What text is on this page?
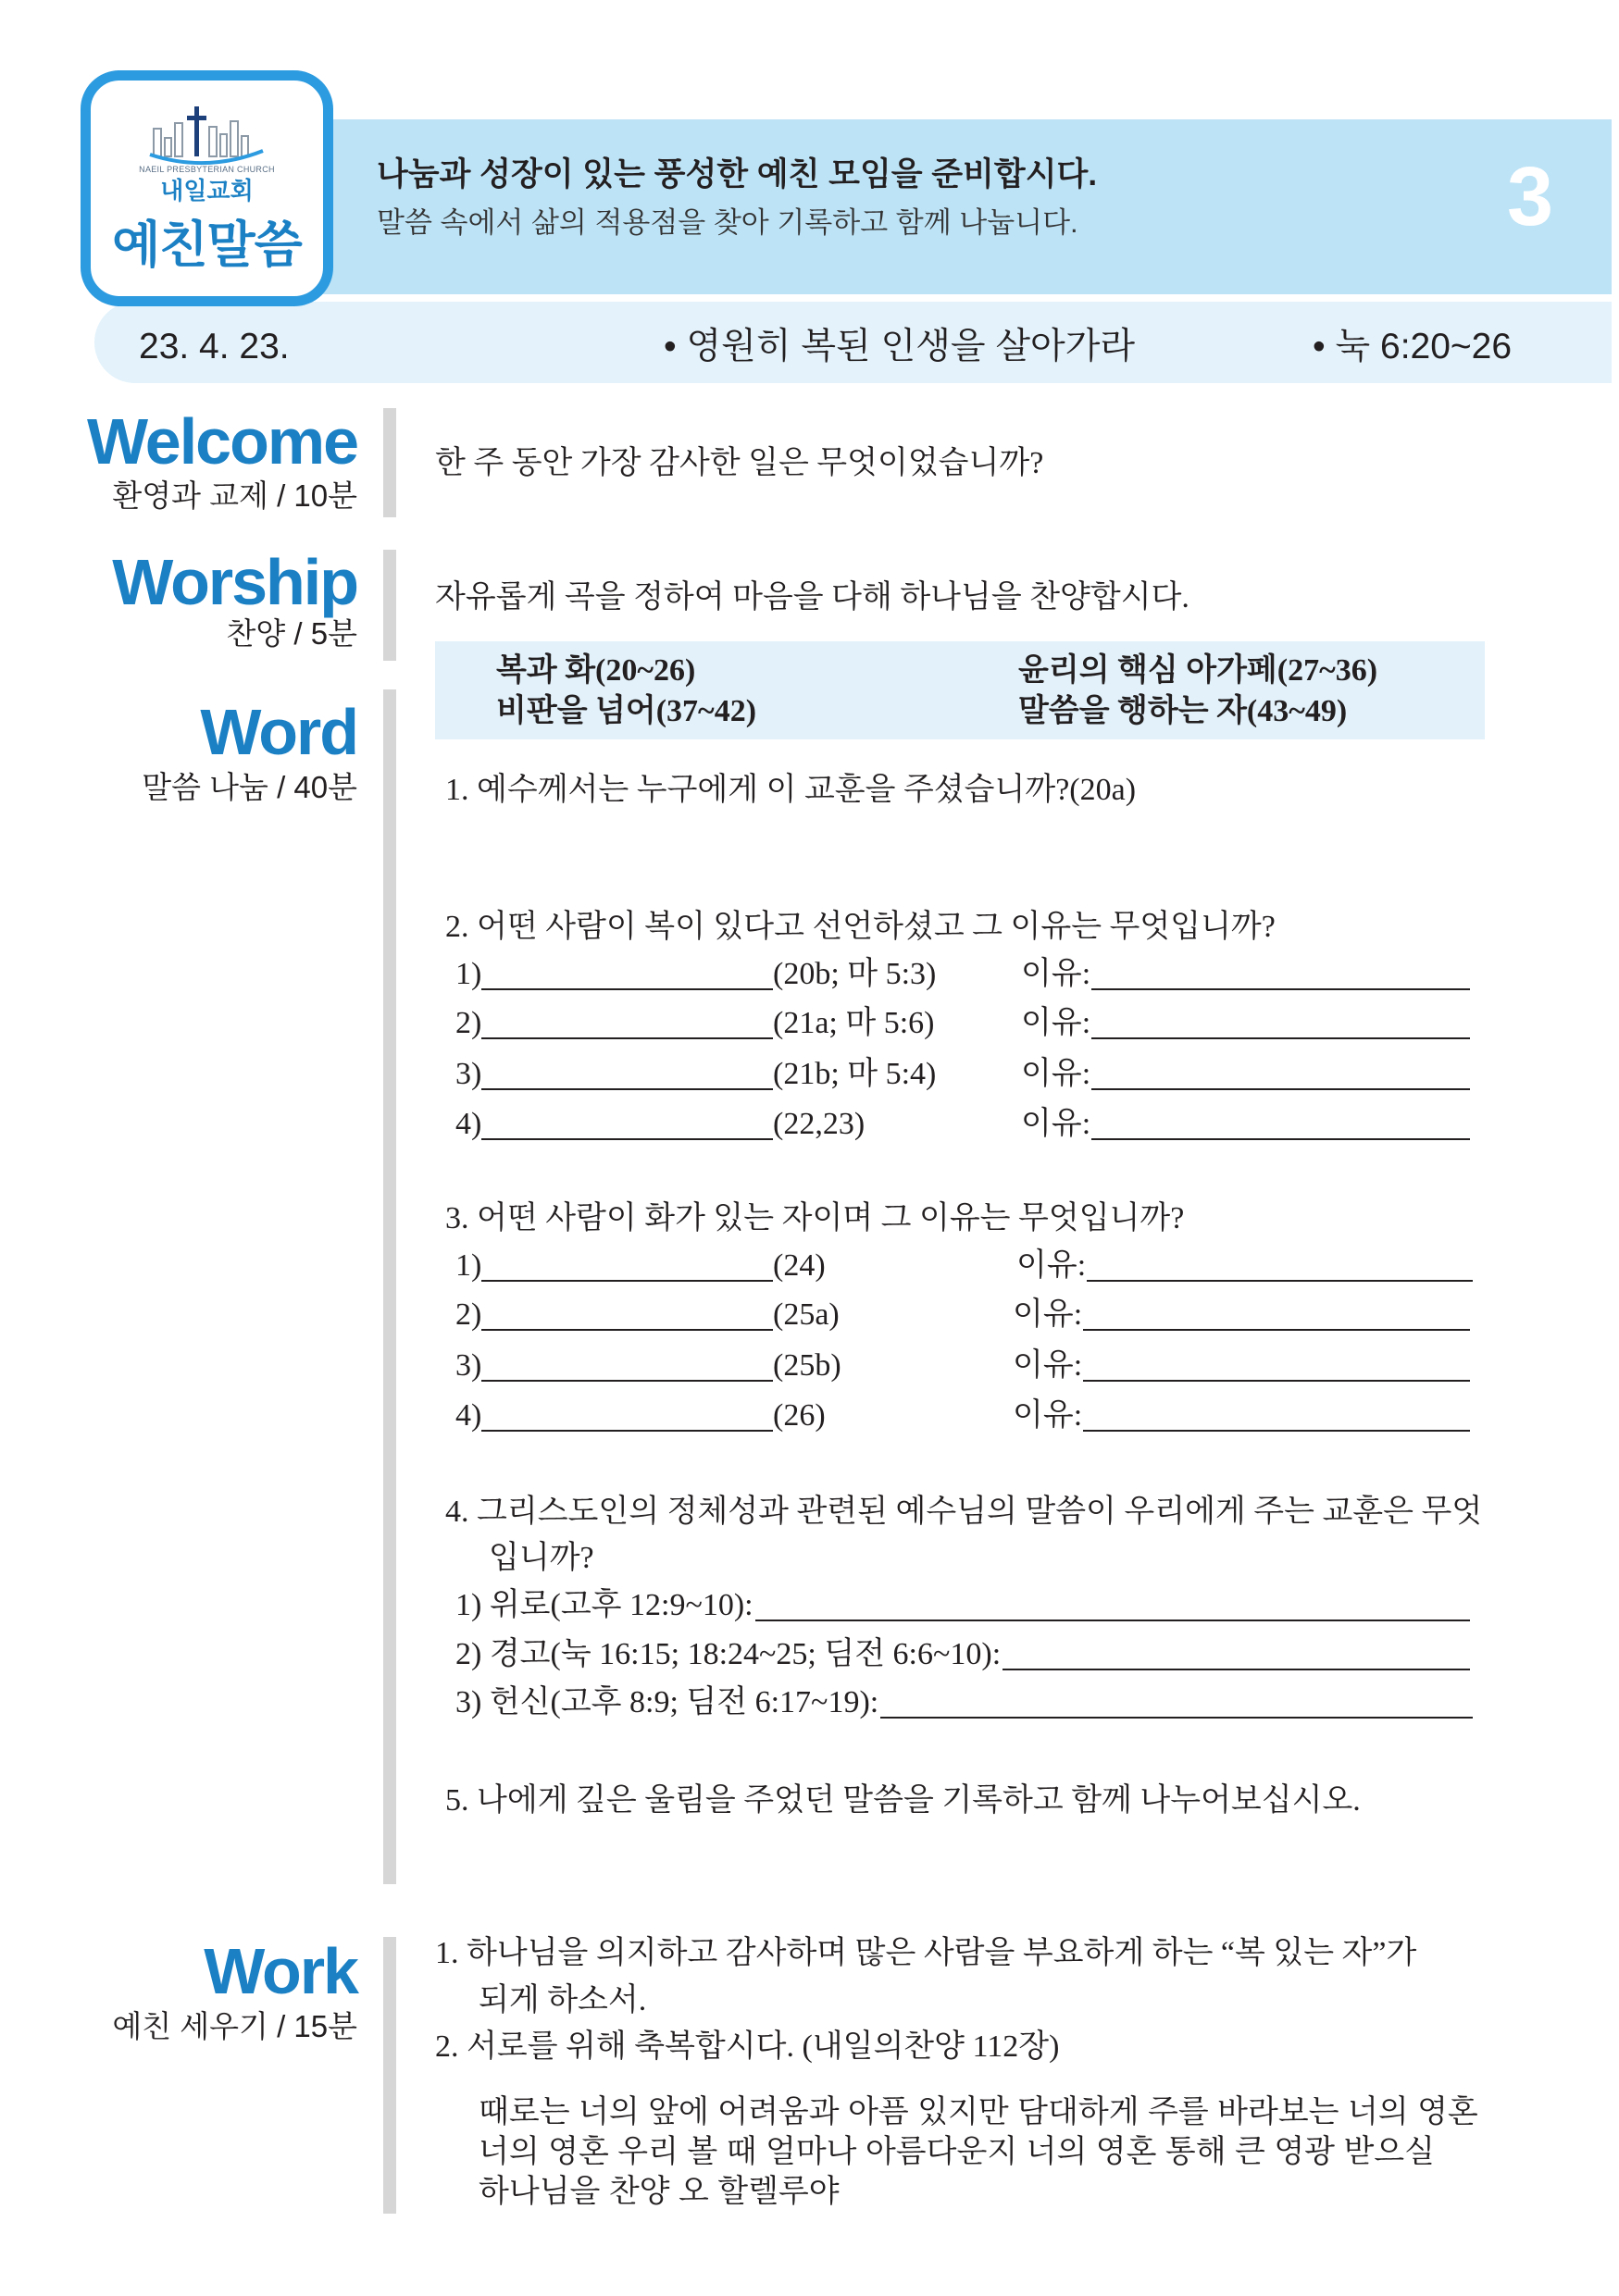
NAEIL PRESBYTERIAN CHURCH
내일교회
예친말씀
나눔과 성장이 있는 풍성한 예친 모임을 준비합시다.
말씀 속에서 삶의 적용점을 찾아 기록하고 함께 나눕니다.	3
23. 4. 23.	• 영원히 복된 인생을 살아가라	• 눅 6:20~26
Welcome
환영과 교제 / 10분
Worship
찬양 / 5분
Word
말씀 나눔 / 40분
Work
예친 세우기 / 15분
한 주 동안 가장 감사한 일은 무엇이었습니까?
자유롭게 곡을 정하여 마음을 다해 하나님을 찬양합시다.
복과 화(20~26)	윤리의 핵심 아가페(27~36)
비판을 넘어(37~42)	말씀을 행하는 자(43~49)
1. 예수께서는 누구에게 이 교훈을 주셨습니까?(20a)
2. 어떤 사람이 복이 있다고 선언하셨고 그 이유는 무엇입니까?
1)	(20b; 마 5:3)	이유:
2)	(21a; 마 5:6)	이유:
3)	(21b; 마 5:4)	이유:
4)	(22,23)	이유:
3. 어떤 사람이 화가 있는 자이며 그 이유는 무엇입니까?
1)	(24)	이유:
2)	(25a)	이유:
3)	(25b)	이유:
4)	(26)	이유:
4. 그리스도인의 정체성과 관련된 예수님의 말씀이 우리에게 주는 교훈은 무엇
입니까?
1) 위로(고후 12:9~10):
2) 경고(눅 16:15; 18:24~25; 딤전 6:6~10):
3) 헌신(고후 8:9; 딤전 6:17~19):
5. 나에게 깊은 울림을 주었던 말씀을 기록하고 함께 나누어보십시오.
1. 하나님을 의지하고 감사하며 많은 사람을 부요하게 하는 “복 있는 자”가
되게 하소서.
2. 서로를 위해 축복합시다. (내일의찬양 112장)
때로는 너의 앞에 어려움과 아픔 있지만 담대하게 주를 바라보는 너의 영혼
너의 영혼 우리 볼 때 얼마나 아름다운지 너의 영혼 통해 큰 영광 받으실
하나님을 찬양 오 할렐루야
